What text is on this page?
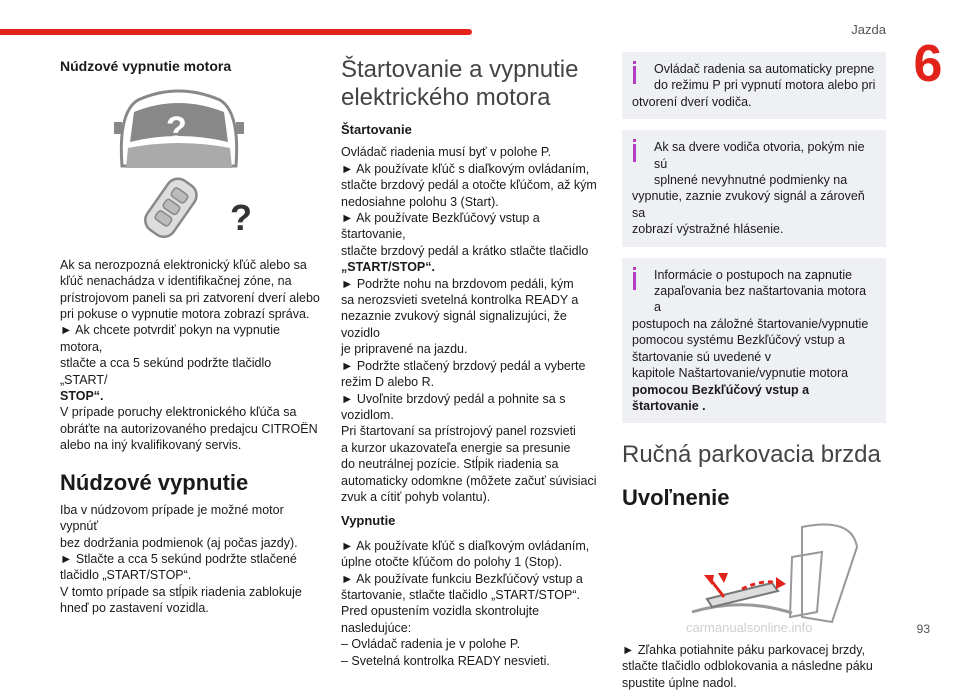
Jazda
6
Núdzové vypnutie motora
?
?

Ak sa nerozpozná elektronický kľúč alebo sa

kľúč nenachádza v identifikačnej zóne, na

prístrojovom paneli sa pri zatvorení dverí alebo

pri pokuse o vypnutie motora zobrazí správa.

► Ak chcete potvrdiť pokyn na vypnutie motora,

stlačte a cca 5 sekúnd podržte tlačidlo „START/

STOP“.

V prípade poruchy elektronického kľúča sa

obráťte na autorizovaného predajcu CITROËN

alebo na iný kvalifikovaný servis.

Núdzové vypnutie

Iba v núdzovom prípade je možné motor vypnúť

bez dodržania podmienok (aj počas jazdy).

► Stlačte a cca 5 sekúnd podržte stlačené

tlačidlo „START/STOP“.

V tomto prípade sa stĺpik riadenia zablokuje

hneď po zastavení vozidla.

Štartovanie a vypnutie
elektrického motora
Štartovanie

Ovládač riadenia musí byť v polohe P.

► Ak používate kľúč s diaľkovým ovládaním,

stlačte brzdový pedál a otočte kľúčom, až kým

nedosiahne polohu 3 (Start).

► Ak používate Bezkľúčový vstup a štartovanie,

stlačte brzdový pedál a krátko stlačte tlačidlo

„START/STOP“.

► Podržte nohu na brzdovom pedáli, kým

sa nerozsvieti svetelná kontrolka READY a

nezaznie zvukový signál signalizujúci, že vozidlo

je pripravené na jazdu.

► Podržte stlačený brzdový pedál a vyberte

režim D alebo R.

► Uvoľnite brzdový pedál a pohnite sa s

vozidlom.

Pri štartovaní sa prístrojový panel rozsvieti

a kurzor ukazovateľa energie sa presunie

do neutrálnej pozície. Stĺpik riadenia sa

automaticky odomkne (môžete začuť súvisiaci

zvuk a cítiť pohyb volantu).

Vypnutie

► Ak používate kľúč s diaľkovým ovládaním,

úplne otočte kľúčom do polohy 1 (Stop).

► Ak používate funkciu Bezkľúčový vstup a

štartovanie, stlačte tlačidlo „START/STOP“.

Pred opustením vozidla skontrolujte nasledujúce:

– Ovládač radenia je v polohe P.

– Svetelná kontrolka READY nesvieti.

Ovládač radenia sa automaticky prepne

do režimu P pri vypnutí motora alebo pri

otvorení dverí vodiča.

Ak sa dvere vodiča otvoria, pokým nie sú

splnené nevyhnutné podmienky na

vypnutie, zaznie zvukový signál a zároveň sa

zobrazí výstražné hlásenie.

Informácie o postupoch na zapnutie

zapaľovania bez naštartovania motora a

postupoch na záložné štartovanie/vypnutie

pomocou systému Bezkľúčový vstup a

štartovanie sú uvedené v

kapitole Naštartovanie/vypnutie motora

pomocou Bezkľúčový vstup a štartovanie .

Ručná parkovacia brzda
Uvoľnenie

► Zľahka potiahnite páku parkovacej brzdy,

stlačte tlačidlo odblokovania a následne páku

spustite úplne nadol.

carmanualsonline.info	93
